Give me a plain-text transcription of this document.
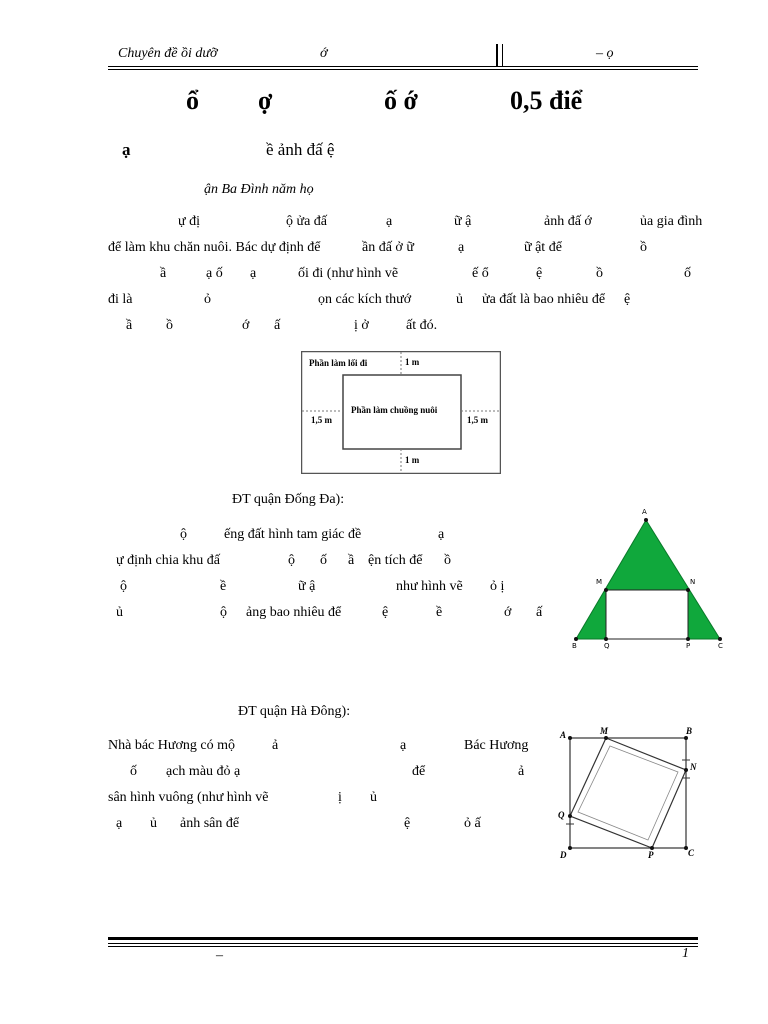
Chuyên đề ồi dưỡ	ớ	– ọ
ổ ợ	ố ớ	0,5 điể
ạ	ề ảnh đấ ệ
ận Ba Đình năm họ
ự đị	ộ ửa đấ	ạ	ữ ậ	ảnh đấ ớ	ủa gia đình
để làm khu chăn nuôi. Bác dự định để	ần đấ ở ữ	ạ	ữ ật để	ồ
ầ	ạ ố ạ	ối đi (như hình vẽ	ế ổ	ệ	ồ	ố
đi là	ỏ	ọn các kích thướ	ủ ửa đất là bao nhiêu để ệ
ầ ồ	ớ ấ	ị ở	ất đó.
Phần làm lối đi	1 m
Phần làm chuồng nuôi
1,5 m	1,5 m
1 m
ĐT quận Đống Đa):
ộ	ếng đất hình tam giác đề	ạ
ự định chia khu đấ	ộ ố ầ ện tích để ồ
ộ	ề	ữ ậ	như hình vẽ ỏ ị
ủ	ộ ảng bao nhiêu để	ệ	ề	ớ ấ
A
M	N
B	Q	P	C
ĐT quận Hà Đông):
Nhà bác Hương có mộ	ả	ạ	Bác Hương
ố ạch màu đỏ ạ	để	ả
sân hình vuông (như hình vẽ	ị ủ
ạ ủ ảnh sân để	ệ	ỏ ấ
A	M	B
N
Q
D	P	C
–	1
